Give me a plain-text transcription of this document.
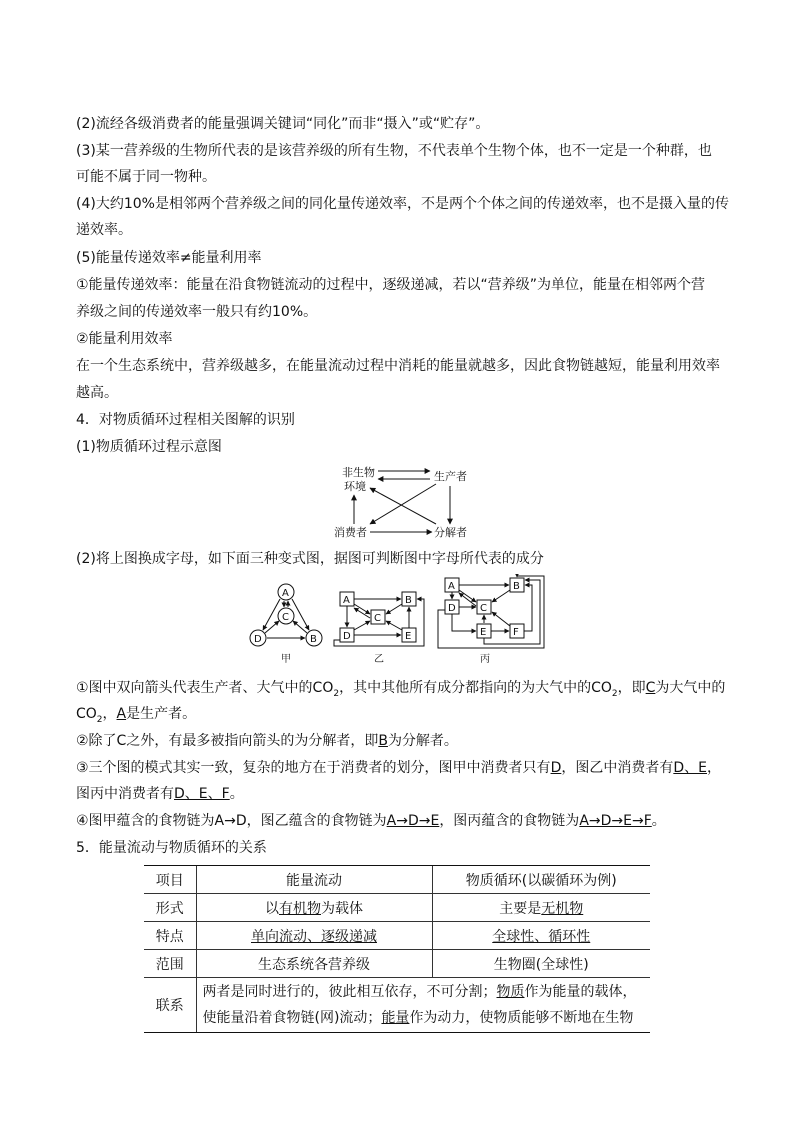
(2)流经各级消费者的能量强调关键词“同化”而非“摄入”或“贮存”。
(3)某一营养级的生物所代表的是该营养级的所有生物，不代表单个生物个体，也不一定是一个种群，也
可能不属于同一物种。
(4)大约10%是相邻两个营养级之间的同化量传递效率，不是两个个体之间的传递效率，也不是摄入量的传
递效率。
(5)能量传递效率≠能量利用率
①能量传递效率：能量在沿食物链流动的过程中，逐级递减，若以“营养级”为单位，能量在相邻两个营
养级之间的传递效率一般只有约10%。
②能量利用效率
在一个生态系统中，营养级越多，在能量流动过程中消耗的能量就越多，因此食物链越短，能量利用效率
越高。
4．对物质循环过程相关图解的识别
(1)物质循环过程示意图
非生物
环境
生产者
消费者	分解者
(2)将上图换成字母，如下面三种变式图，据图可判断图中字母所代表的成分
A
C
D	B
甲
A	B
C
D	E
乙
A	B
D C
E	F
丙
①图中双向箭头代表生产者、大气中的$CO_2$，其中其他所有成分都指向的为大气中的$CO_2$，即C为大气中的
$CO_2$，A是生产者。
②除了C之外，有最多被指向箭头的为分解者，即B为分解者。
③三个图的模式其实一致，复杂的地方在于消费者的划分，图甲中消费者只有D，图乙中消费者有D、E，
图丙中消费者有D、E、F。
④图甲蕴含的食物链为A→D，图乙蕴含的食物链为A→D→E，图丙蕴含的食物链为A→D→E→F。
5．能量流动与物质循环的关系
项目	能量流动	物质循环(以碳循环为例)
形式	以有机物为载体	主要是无机物
特点	单向流动、逐级递减	全球性、循环性
范围	生态系统各营养级	生物圈(全球性)
联系	两者是同时进行的，彼此相互依存，不可分割；物质作为能量的载体，
使能量沿着食物链(网)流动；能量作为动力，使物质能够不断地在生物	
